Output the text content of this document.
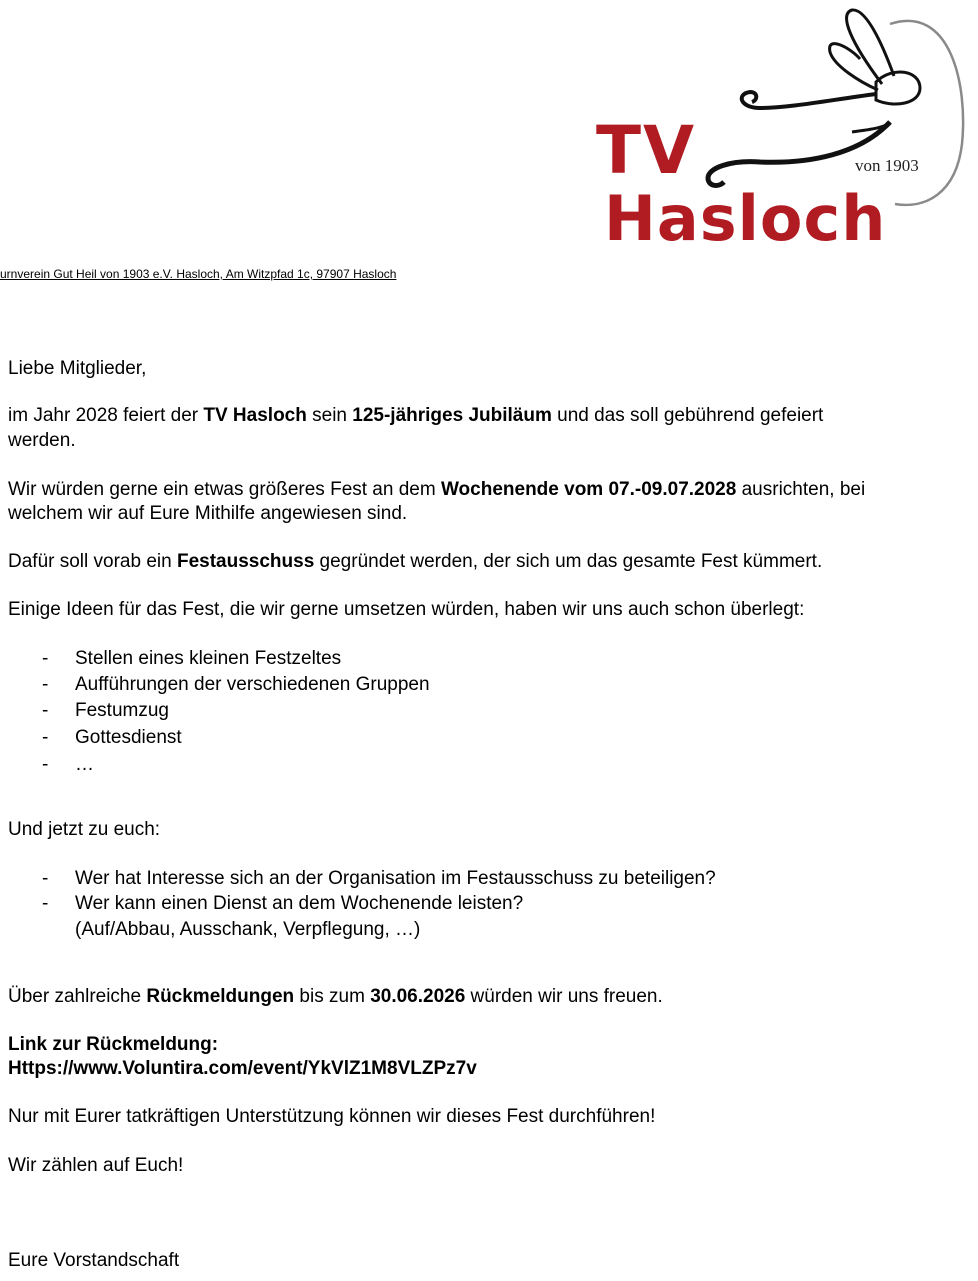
TV
Hasloch
von 1903
urnverein Gut Heil von 1903 e.V. Hasloch, Am Witzpfad 1c, 97907 Hasloch

Liebe Mitglieder,

im Jahr 2028 feiert der TV Hasloch sein 125-jähriges Jubiläum und das soll gebührend gefeiert

werden.

Wir würden gerne ein etwas größeres Fest an dem Wochenende vom 07.-09.07.2028 ausrichten, bei

welchem wir auf Eure Mithilfe angewiesen sind.

Dafür soll vorab ein Festausschuss gegründet werden, der sich um das gesamte Fest kümmert.

Einige Ideen für das Fest, die wir gerne umsetzen würden, haben wir uns auch schon überlegt:

- Stellen eines kleinen Festzeltes
- Aufführungen der verschiedenen Gruppen
- Festumzug
- Gottesdienst
- …

Und jetzt zu euch:

- Wer hat Interesse sich an der Organisation im Festausschuss zu beteiligen?
- Wer kann einen Dienst an dem Wochenende leisten?
(Auf/Abbau, Ausschank, Verpflegung, …)

Über zahlreiche Rückmeldungen bis zum 30.06.2026 würden wir uns freuen.

Link zur Rückmeldung:

Https://www.Voluntira.com/event/YkVlZ1M8VLZPz7v

Nur mit Eurer tatkräftigen Unterstützung können wir dieses Fest durchführen!

Wir zählen auf Euch!

Eure Vorstandschaft
